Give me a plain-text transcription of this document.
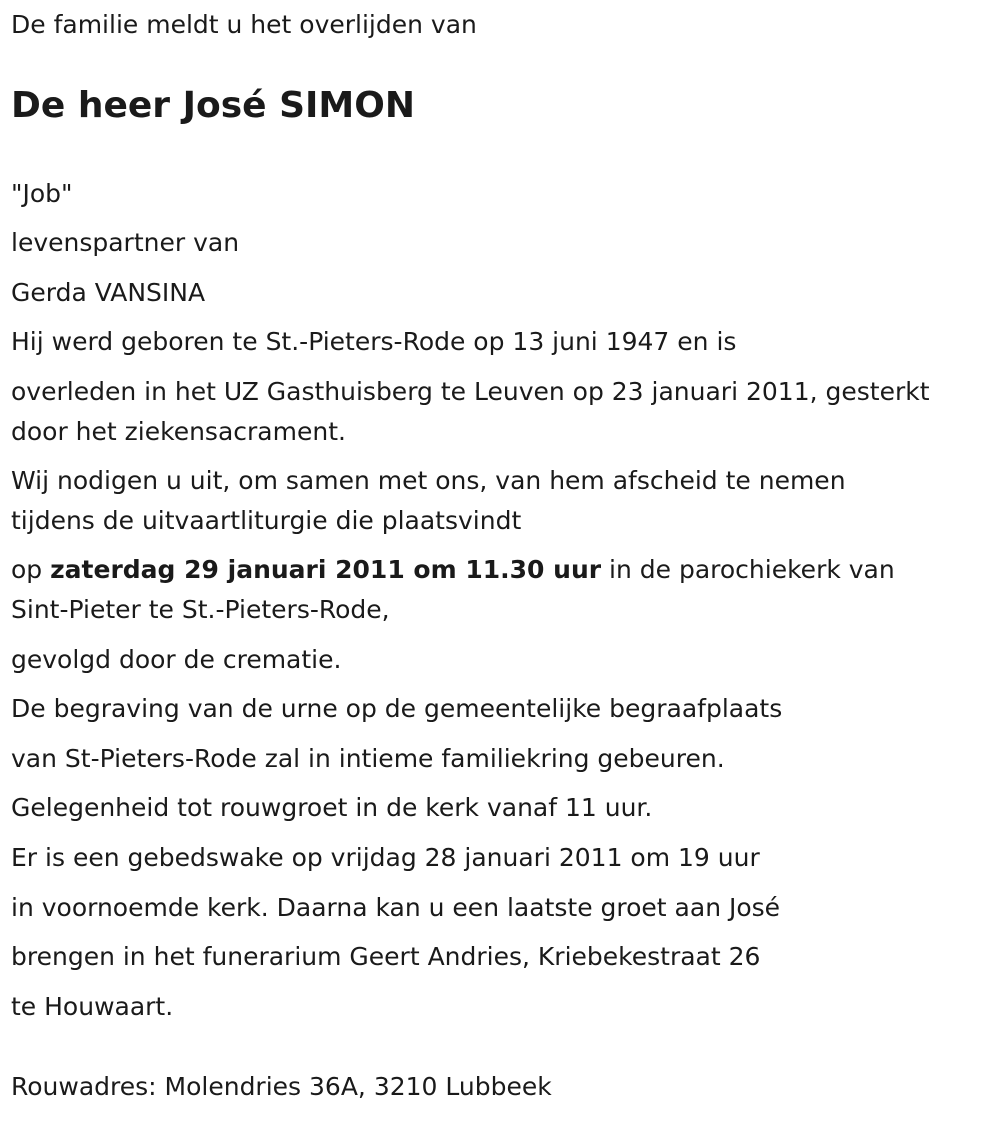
De familie meldt u het overlijden van

De heer José SIMON

"Job"

levenspartner van

Gerda VANSINA

Hij werd geboren te St.-Pieters-Rode op 13 juni 1947 en is

overleden in het UZ Gasthuisberg te Leuven op 23 januari 2011, gesterkt

door het ziekensacrament.

Wij nodigen u uit, om samen met ons, van hem afscheid te nemen

tijdens de uitvaartliturgie die plaatsvindt

op zaterdag 29 januari 2011 om 11.30 uur in de parochiekerk van

Sint-Pieter te St.-Pieters-Rode,

gevolgd door de crematie.

De begraving van de urne op de gemeentelijke begraafplaats

van St-Pieters-Rode zal in intieme familiekring gebeuren.

Gelegenheid tot rouwgroet in de kerk vanaf 11 uur.

Er is een gebedswake op vrijdag 28 januari 2011 om 19 uur

in voornoemde kerk. Daarna kan u een laatste groet aan José

brengen in het funerarium Geert Andries, Kriebekestraat 26

te Houwaart.

Rouwadres: Molendries 36A, 3210 Lubbeek
